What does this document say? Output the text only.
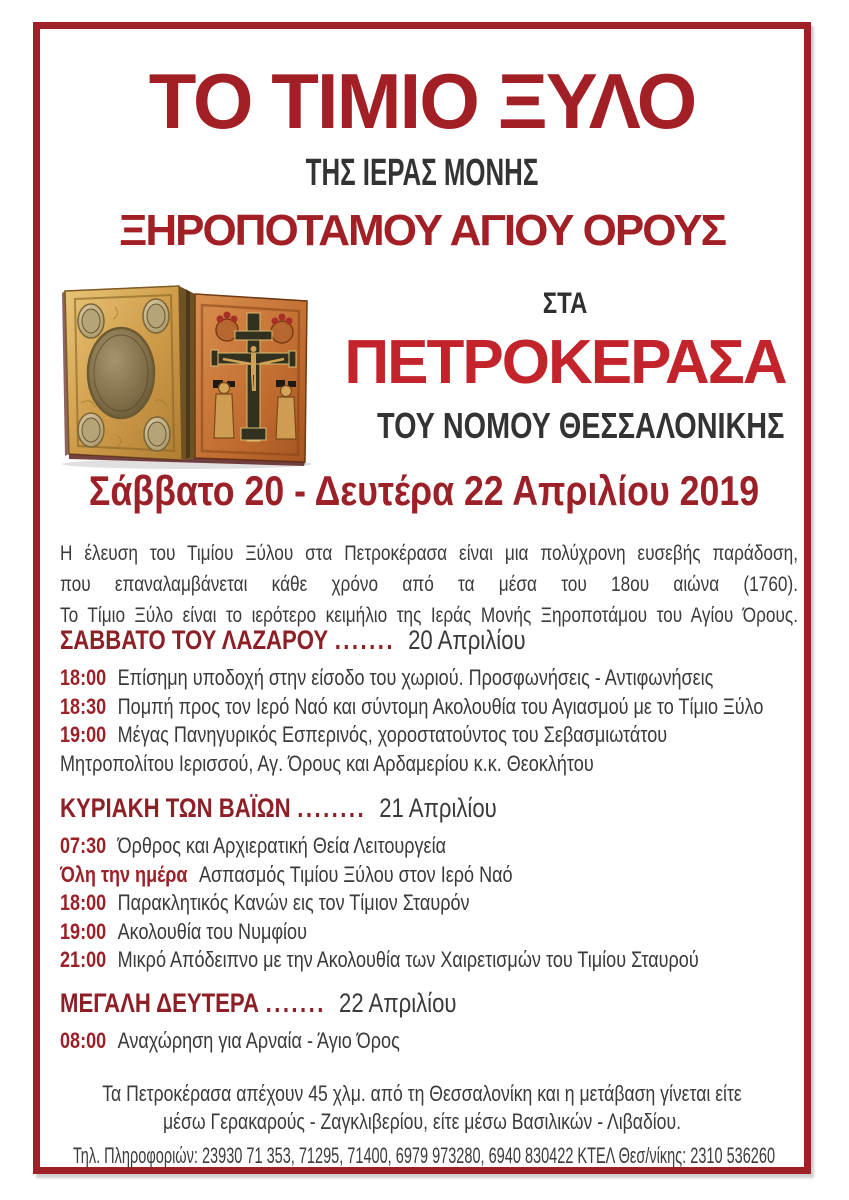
ΤΟ ΤΙΜΙΟ ΞΥΛΟ
ΤΗΣ ΙΕΡΑΣ ΜΟΝΗΣ
ΞΗΡΟΠΟΤΑΜΟΥ ΑΓΙΟΥ ΟΡΟΥΣ
ΣΤΑ
ΠΕΤΡΟΚΕΡΑΣΑ
ΤΟΥ ΝΟΜΟΥ ΘΕΣΣΑΛΟΝΙΚΗΣ
Σάββατο 20 - Δευτέρα 22 Απριλίου 2019
Η έλευση του Τιμίου Ξύλου στα Πετροκέρασα είναι μια πολύχρονη ευσεβής παράδοση,
που επαναλαμβάνεται κάθε χρόνο από τα μέσα του 18ου αιώνα (1760).
Το Τίμιο Ξύλο είναι το ιερότερο κειμήλιο της Ιεράς Μονής Ξηροποτάμου του Αγίου Όρους.
ΣΑΒΒΑΤΟ ΤΟΥ ΛΑΖΑΡΟΥ ....... 20 Απριλίου
18:00 Επίσημη υποδοχή στην είσοδο του χωριού. Προσφωνήσεις - Αντιφωνήσεις
18:30 Πομπή προς τον Ιερό Ναό και σύντομη Ακολουθία του Αγιασμού με το Τίμιο Ξύλο
19:00 Μέγας Πανηγυρικός Εσπερινός, χοροστατούντος του Σεβασμιωτάτου
Μητροπολίτου Ιερισσού, Αγ. Όρους και Αρδαμερίου κ.κ. Θεοκλήτου
ΚΥΡΙΑΚΗ ΤΩΝ ΒΑΪΩΝ ........ 21 Απριλίου
07:30 Όρθρος και Αρχιερατική Θεία Λειτουργεία
Όλη την ημέρα Ασπασμός Τιμίου Ξύλου στον Ιερό Ναό
18:00 Παρακλητικός Κανών εις τον Τίμιον Σταυρόν
19:00 Ακολουθία του Νυμφίου
21:00 Μικρό Απόδειπνο με την Ακολουθία των Χαιρετισμών του Τιμίου Σταυρού
ΜΕΓΑΛΗ ΔΕΥΤΕΡΑ ....... 22 Απριλίου
08:00 Αναχώρηση για Αρναία - Άγιο Όρος
Τα Πετροκέρασα απέχουν 45 χλμ. από τη Θεσσαλονίκη και η μετάβαση γίνεται είτε
μέσω Γερακαρούς - Ζαγκλιβερίου, είτε μέσω Βασιλικών - Λιβαδίου.
Τηλ. Πληροφοριών: 23930 71 353, 71295, 71400, 6979 973280, 6940 830422 ΚΤΕΛ Θεσ/νίκης: 2310 536260
